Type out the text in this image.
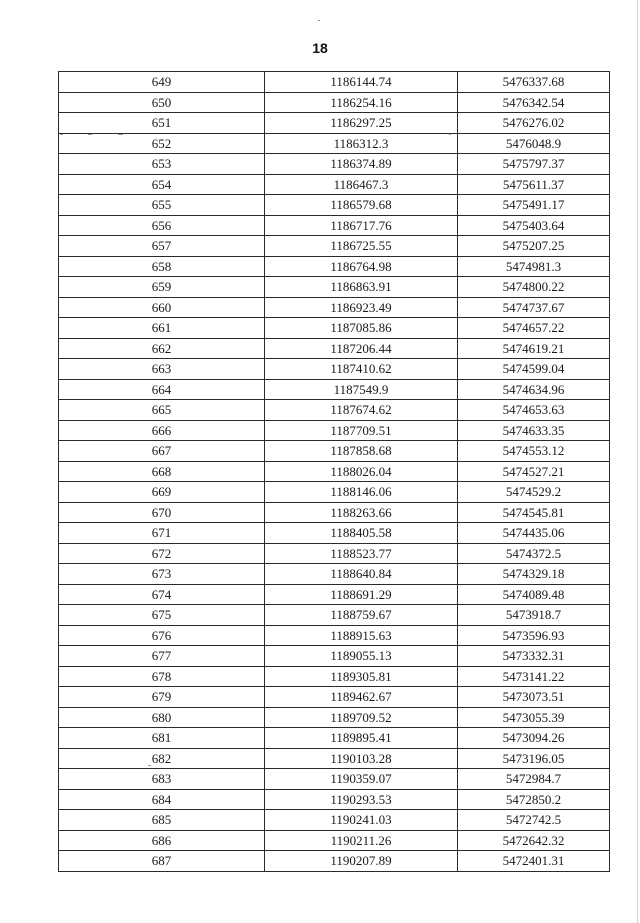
18
649	1186144.74	5476337.68
650	1186254.16	5476342.54
651	1186297.25	5476276.02
652	1186312.3	5476048.9
653	1186374.89	5475797.37
654	1186467.3	5475611.37
655	1186579.68	5475491.17
656	1186717.76	5475403.64
657	1186725.55	5475207.25
658	1186764.98	5474981.3
659	1186863.91	5474800.22
660	1186923.49	5474737.67
661	1187085.86	5474657.22
662	1187206.44	5474619.21
663	1187410.62	5474599.04
664	1187549.9	5474634.96
665	1187674.62	5474653.63
666	1187709.51	5474633.35
667	1187858.68	5474553.12
668	1188026.04	5474527.21
669	1188146.06	5474529.2
670	1188263.66	5474545.81
671	1188405.58	5474435.06
672	1188523.77	5474372.5
673	1188640.84	5474329.18
674	1188691.29	5474089.48
675	1188759.67	5473918.7
676	1188915.63	5473596.93
677	1189055.13	5473332.31
678	1189305.81	5473141.22
679	1189462.67	5473073.51
680	1189709.52	5473055.39
681	1189895.41	5473094.26
682	1190103.28	5473196.05
683	1190359.07	5472984.7
684	1190293.53	5472850.2
685	1190241.03	5472742.5
686	1190211.26	5472642.32
687	1190207.89	5472401.31
